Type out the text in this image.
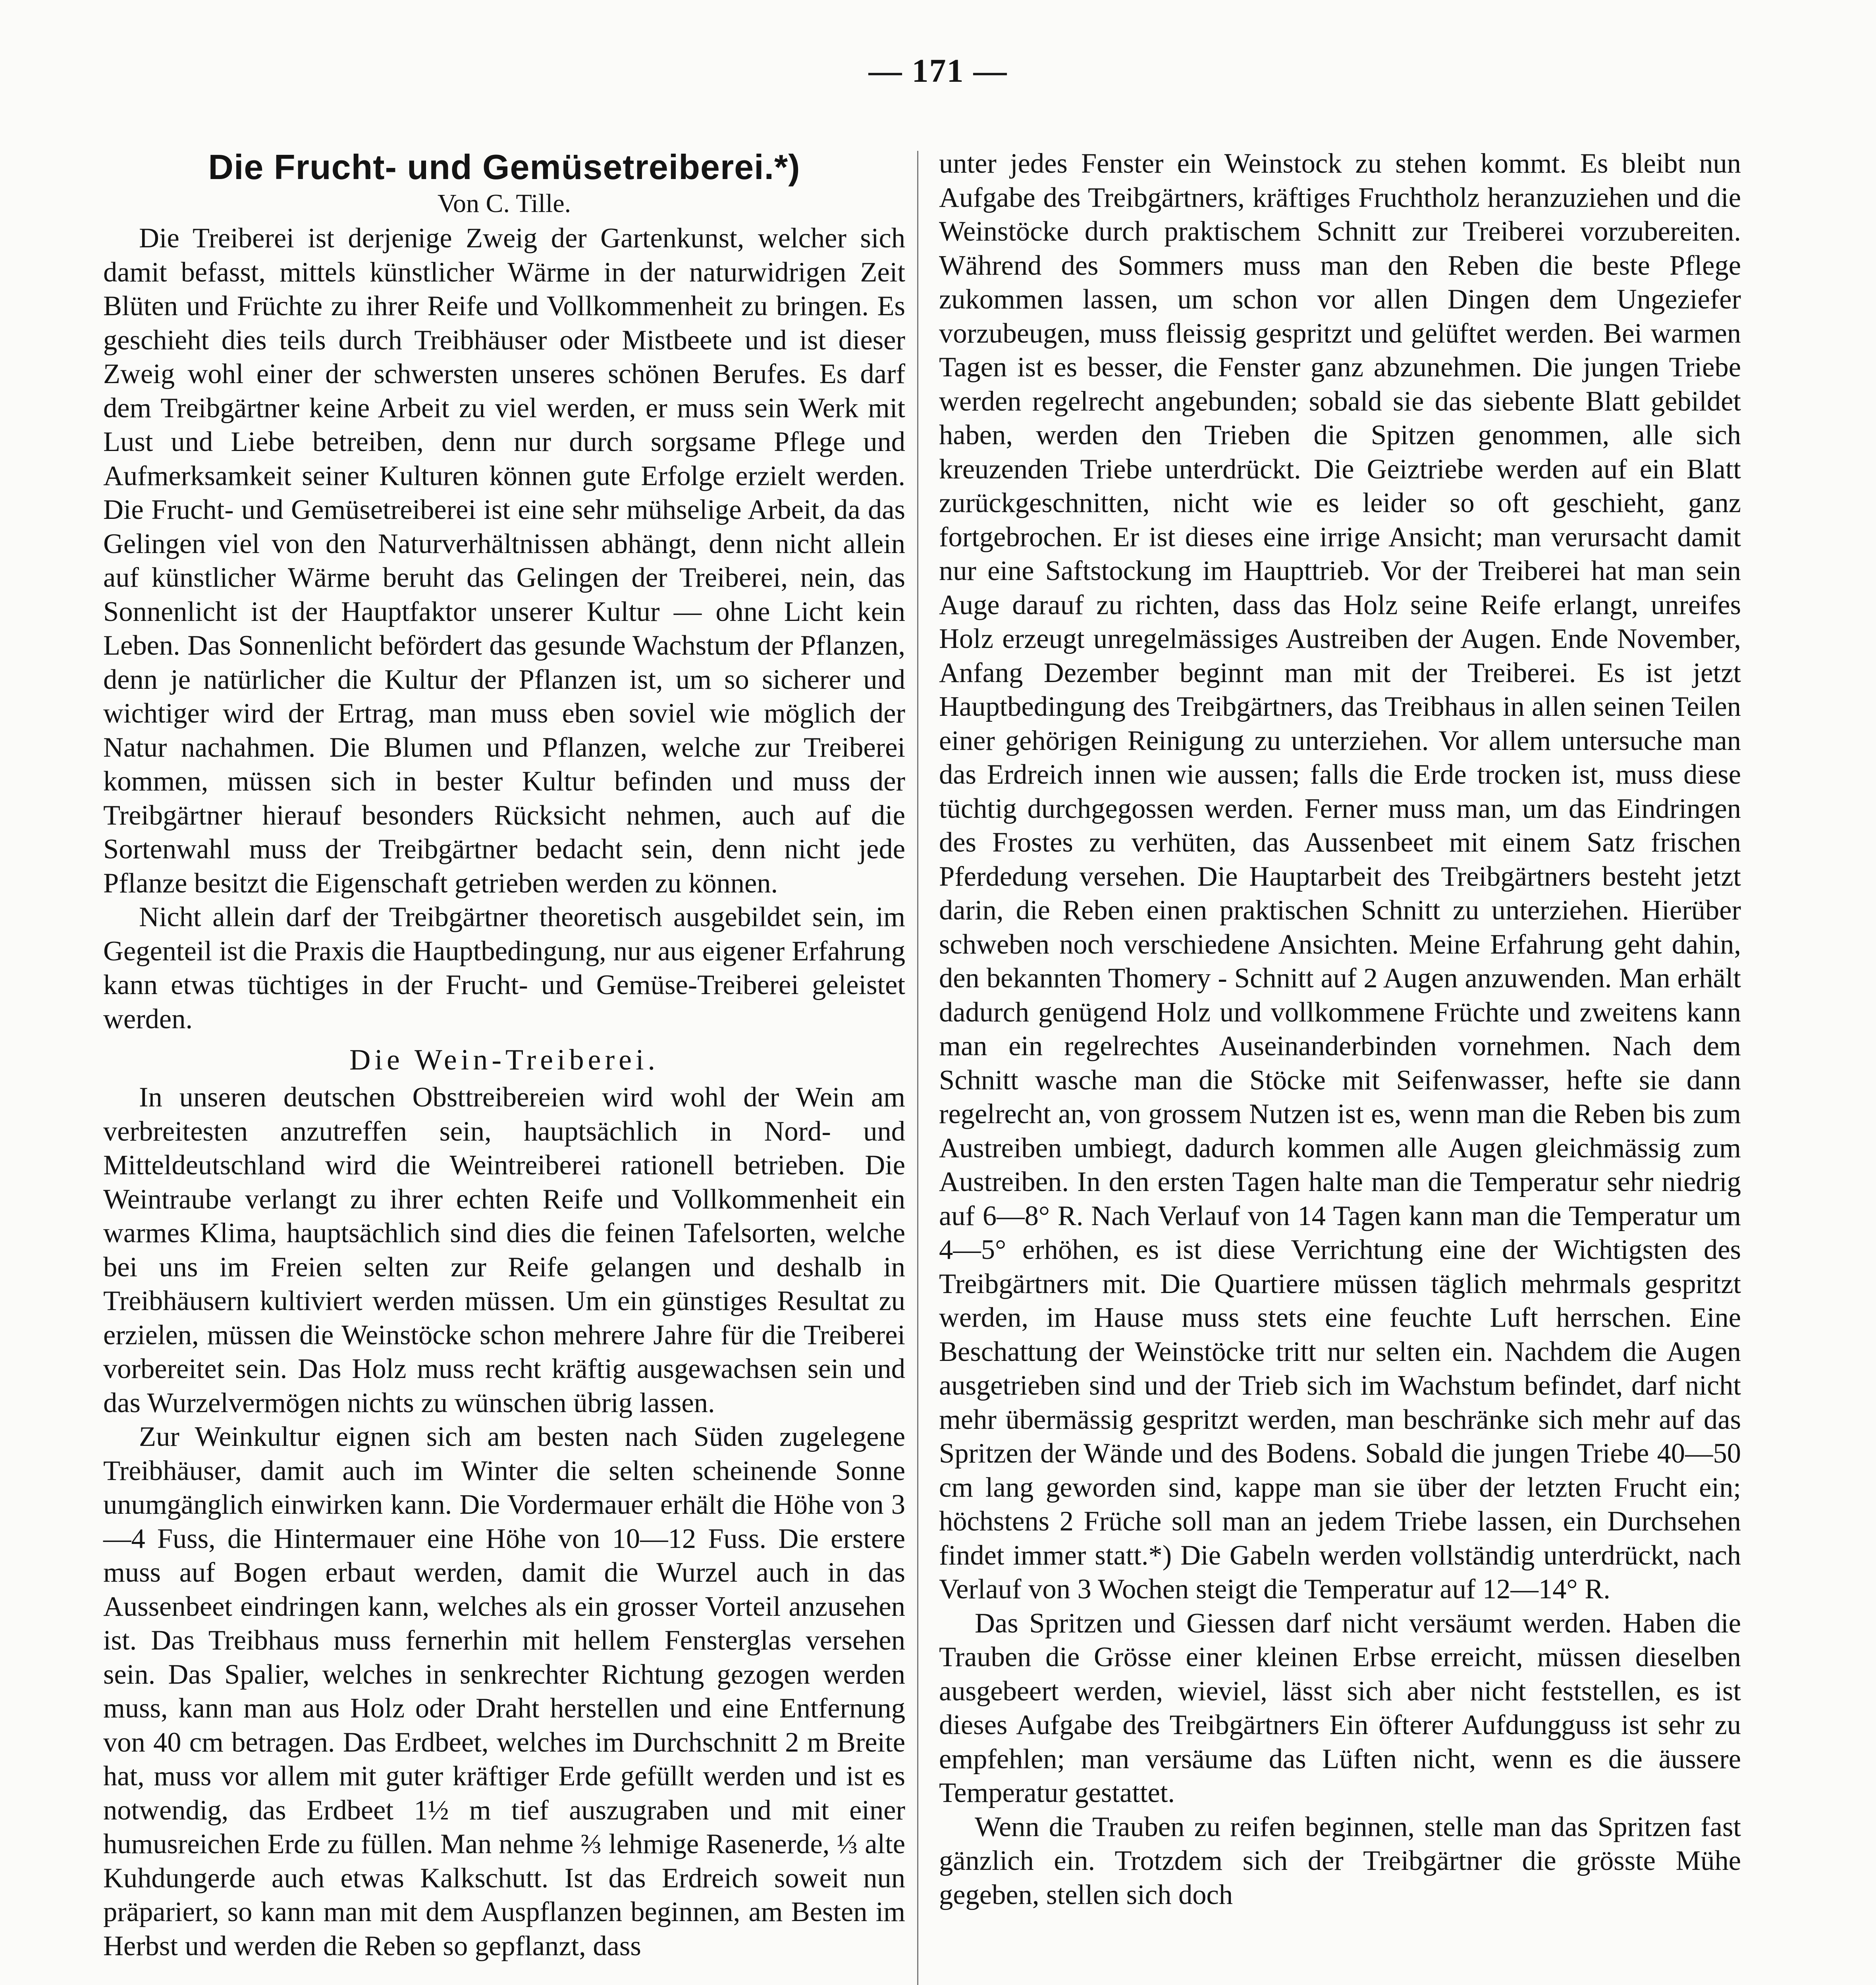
— 171 —
Die Frucht- und Gemüsetreiberei.*)

Von C. Tille.

Die Treiberei ist derjenige Zweig der Gartenkunst, welcher sich damit befasst, mittels künstlicher Wärme in der naturwidrigen Zeit Blüten und Früchte zu ihrer Reife und Vollkommenheit zu bringen. Es geschieht dies teils durch Treibhäuser oder Mistbeete und ist dieser Zweig wohl einer der schwersten unseres schönen Berufes. Es darf dem Treibgärtner keine Arbeit zu viel werden, er muss sein Werk mit Lust und Liebe betreiben, denn nur durch sorgsame Pflege und Aufmerksamkeit seiner Kulturen können gute Erfolge erzielt werden. Die Frucht- und Gemüsetreiberei ist eine sehr mühselige Arbeit, da das Gelingen viel von den Naturverhältnissen abhängt, denn nicht allein auf künstlicher Wärme beruht das Gelingen der Treiberei, nein, das Sonnenlicht ist der Hauptfaktor unserer Kultur — ohne Licht kein Leben. Das Sonnenlicht befördert das gesunde Wachstum der Pflanzen, denn je natürlicher die Kultur der Pflanzen ist, um so sicherer und wichtiger wird der Ertrag, man muss eben soviel wie möglich der Natur nachahmen. Die Blumen und Pflanzen, welche zur Treiberei kommen, müssen sich in bester Kultur befinden und muss der Treibgärtner hierauf besonders Rücksicht nehmen, auch auf die Sortenwahl muss der Treibgärtner bedacht sein, denn nicht jede Pflanze besitzt die Eigenschaft getrieben werden zu können.

Nicht allein darf der Treibgärtner theoretisch ausgebildet sein, im Gegenteil ist die Praxis die Hauptbedingung, nur aus eigener Erfahrung kann etwas tüchtiges in der Frucht- und Gemüse-Treiberei geleistet werden.

Die Wein-Treiberei.

In unseren deutschen Obsttreibereien wird wohl der Wein am verbreitesten anzutreffen sein, hauptsächlich in Nord- und Mitteldeutschland wird die Weintreiberei rationell betrieben. Die Weintraube verlangt zu ihrer echten Reife und Vollkommenheit ein warmes Klima, hauptsächlich sind dies die feinen Tafelsorten, welche bei uns im Freien selten zur Reife gelangen und deshalb in Treibhäusern kultiviert werden müssen. Um ein günstiges Resultat zu erzielen, müssen die Weinstöcke schon mehrere Jahre für die Treiberei vorbereitet sein. Das Holz muss recht kräftig ausgewachsen sein und das Wurzelvermögen nichts zu wünschen übrig lassen.

Zur Weinkultur eignen sich am besten nach Süden zugelegene Treibhäuser, damit auch im Winter die selten scheinende Sonne unumgänglich einwirken kann. Die Vordermauer erhält die Höhe von 3—4 Fuss, die Hintermauer eine Höhe von 10—12 Fuss. Die erstere muss auf Bogen erbaut werden, damit die Wurzel auch in das Aussenbeet eindringen kann, welches als ein grosser Vorteil anzusehen ist. Das Treibhaus muss fernerhin mit hellem Fensterglas versehen sein. Das Spalier, welches in senkrechter Richtung gezogen werden muss, kann man aus Holz oder Draht herstellen und eine Entfernung von 40 cm betragen. Das Erdbeet, welches im Durchschnitt 2 m Breite hat, muss vor allem mit guter kräftiger Erde gefüllt werden und ist es notwendig, das Erdbeet 1½ m tief auszugraben und mit einer humusreichen Erde zu füllen. Man nehme ⅔ lehmige Rasenerde, ⅓ alte Kuhdungerde auch etwas Kalkschutt. Ist das Erdreich soweit nun präpariert, so kann man mit dem Auspflanzen beginnen, am Besten im Herbst und werden die Reben so gepflanzt, dass

unter jedes Fenster ein Weinstock zu stehen kommt. Es bleibt nun Aufgabe des Treibgärtners, kräftiges Fruchtholz heranzuziehen und die Weinstöcke durch praktischem Schnitt zur Treiberei vorzubereiten. Während des Sommers muss man den Reben die beste Pflege zukommen lassen, um schon vor allen Dingen dem Ungeziefer vorzubeugen, muss fleissig gespritzt und gelüftet werden. Bei warmen Tagen ist es besser, die Fenster ganz abzunehmen. Die jungen Triebe werden regelrecht angebunden; sobald sie das siebente Blatt gebildet haben, werden den Trieben die Spitzen genommen, alle sich kreuzenden Triebe unterdrückt. Die Geiztriebe werden auf ein Blatt zurückgeschnitten, nicht wie es leider so oft geschieht, ganz fortgebrochen. Er ist dieses eine irrige Ansicht; man verursacht damit nur eine Saftstockung im Haupttrieb. Vor der Treiberei hat man sein Auge darauf zu richten, dass das Holz seine Reife erlangt, unreifes Holz erzeugt unregelmässiges Austreiben der Augen. Ende November, Anfang Dezember beginnt man mit der Treiberei. Es ist jetzt Hauptbedingung des Treibgärtners, das Treibhaus in allen seinen Teilen einer gehörigen Reinigung zu unterziehen. Vor allem untersuche man das Erdreich innen wie aussen; falls die Erde trocken ist, muss diese tüchtig durchgegossen werden. Ferner muss man, um das Eindringen des Frostes zu verhüten, das Aussenbeet mit einem Satz frischen Pferdedung versehen. Die Hauptarbeit des Treibgärtners besteht jetzt darin, die Reben einen praktischen Schnitt zu unterziehen. Hierüber schweben noch verschiedene Ansichten. Meine Erfahrung geht dahin, den bekannten Thomery - Schnitt auf 2 Augen anzuwenden. Man erhält dadurch genügend Holz und vollkommene Früchte und zweitens kann man ein regelrechtes Auseinanderbinden vornehmen. Nach dem Schnitt wasche man die Stöcke mit Seifenwasser, hefte sie dann regelrecht an, von grossem Nutzen ist es, wenn man die Reben bis zum Austreiben umbiegt, dadurch kommen alle Augen gleichmässig zum Austreiben. In den ersten Tagen halte man die Temperatur sehr niedrig auf 6—8° R. Nach Verlauf von 14 Tagen kann man die Temperatur um 4—5° erhöhen, es ist diese Verrichtung eine der Wichtigsten des Treibgärtners mit. Die Quartiere müssen täglich mehrmals gespritzt werden, im Hause muss stets eine feuchte Luft herrschen. Eine Beschattung der Weinstöcke tritt nur selten ein. Nachdem die Augen ausgetrieben sind und der Trieb sich im Wachstum befindet, darf nicht mehr übermässig gespritzt werden, man beschränke sich mehr auf das Spritzen der Wände und des Bodens. Sobald die jungen Triebe 40—50 cm lang geworden sind, kappe man sie über der letzten Frucht ein; höchstens 2 Früche soll man an jedem Triebe lassen, ein Durchsehen findet immer statt.*) Die Gabeln werden vollständig unterdrückt, nach Verlauf von 3 Wochen steigt die Temperatur auf 12—14° R.

Das Spritzen und Giessen darf nicht versäumt werden. Haben die Trauben die Grösse einer kleinen Erbse erreicht, müssen dieselben ausgebeert werden, wieviel, lässt sich aber nicht feststellen, es ist dieses Aufgabe des Treibgärtners Ein öfterer Aufdungguss ist sehr zu empfehlen; man versäume das Lüften nicht, wenn es die äussere Temperatur gestattet.

Wenn die Trauben zu reifen beginnen, stelle man das Spritzen fast gänzlich ein. Trotzdem sich der Treibgärtner die grösste Mühe gegeben, stellen sich doch
